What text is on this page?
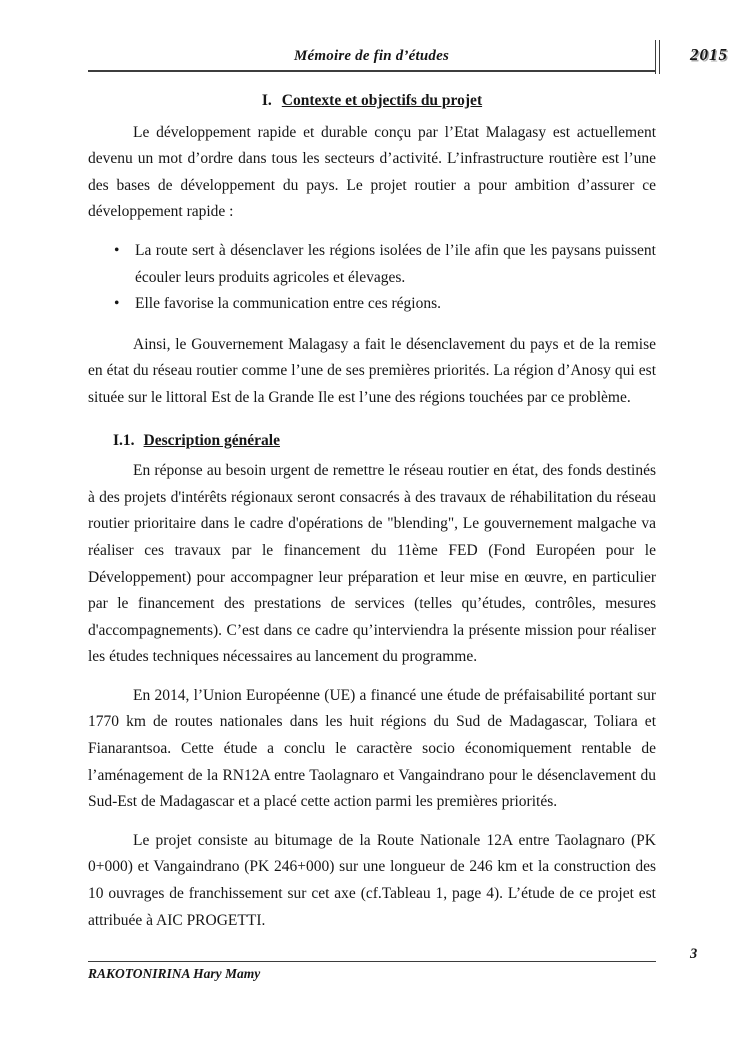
Mémoire de fin d’études	2015
I. Contexte et objectifs du projet

Le développement rapide et durable conçu par l’Etat Malagasy est actuellement devenu un mot d’ordre dans tous les secteurs d’activité. L’infrastructure routière est l’une des bases de développement du pays. Le projet routier a pour ambition d’assurer ce développement rapide :

•	La route sert à désenclaver les régions isolées de l’ile afin que les paysans puissent écouler leurs produits agricoles et élevages.
•	Elle favorise la communication entre ces régions.

Ainsi, le Gouvernement Malagasy a fait le désenclavement du pays et de la remise en état du réseau routier comme l’une de ses premières priorités. La région d’Anosy qui est située sur le littoral Est de la Grande Ile est l’une des régions touchées par ce problème.

I.1. Description générale

En réponse au besoin urgent de remettre le réseau routier en état, des fonds destinés à des projets d'intérêts régionaux seront consacrés à des travaux de réhabilitation du réseau routier prioritaire dans le cadre d'opérations de "blending", Le gouvernement malgache va réaliser ces travaux par le financement du 11ème FED (Fond Européen pour le Développement) pour accompagner leur préparation et leur mise en œuvre, en particulier par le financement des prestations de services (telles qu’études, contrôles, mesures d'accompagnements). C’est dans ce cadre qu’interviendra la présente mission pour réaliser les études techniques nécessaires au lancement du programme.

En 2014, l’Union Européenne (UE) a financé une étude de préfaisabilité portant sur 1770 km de routes nationales dans les huit régions du Sud de Madagascar, Toliara et Fianarantsoa. Cette étude a conclu le caractère socio économiquement rentable de l’aménagement de la RN12A entre Taolagnaro et Vangaindrano pour le désenclavement du Sud-Est de Madagascar et a placé cette action parmi les premières priorités.

Le projet consiste au bitumage de la Route Nationale 12A entre Taolagnaro (PK 0+000) et Vangaindrano (PK 246+000) sur une longueur de 246 km et la construction des 10 ouvrages de franchissement sur cet axe (cf.Tableau 1, page 4). L’étude de ce projet est attribuée à AIC PROGETTI.

3
RAKOTONIRINA Hary Mamy
